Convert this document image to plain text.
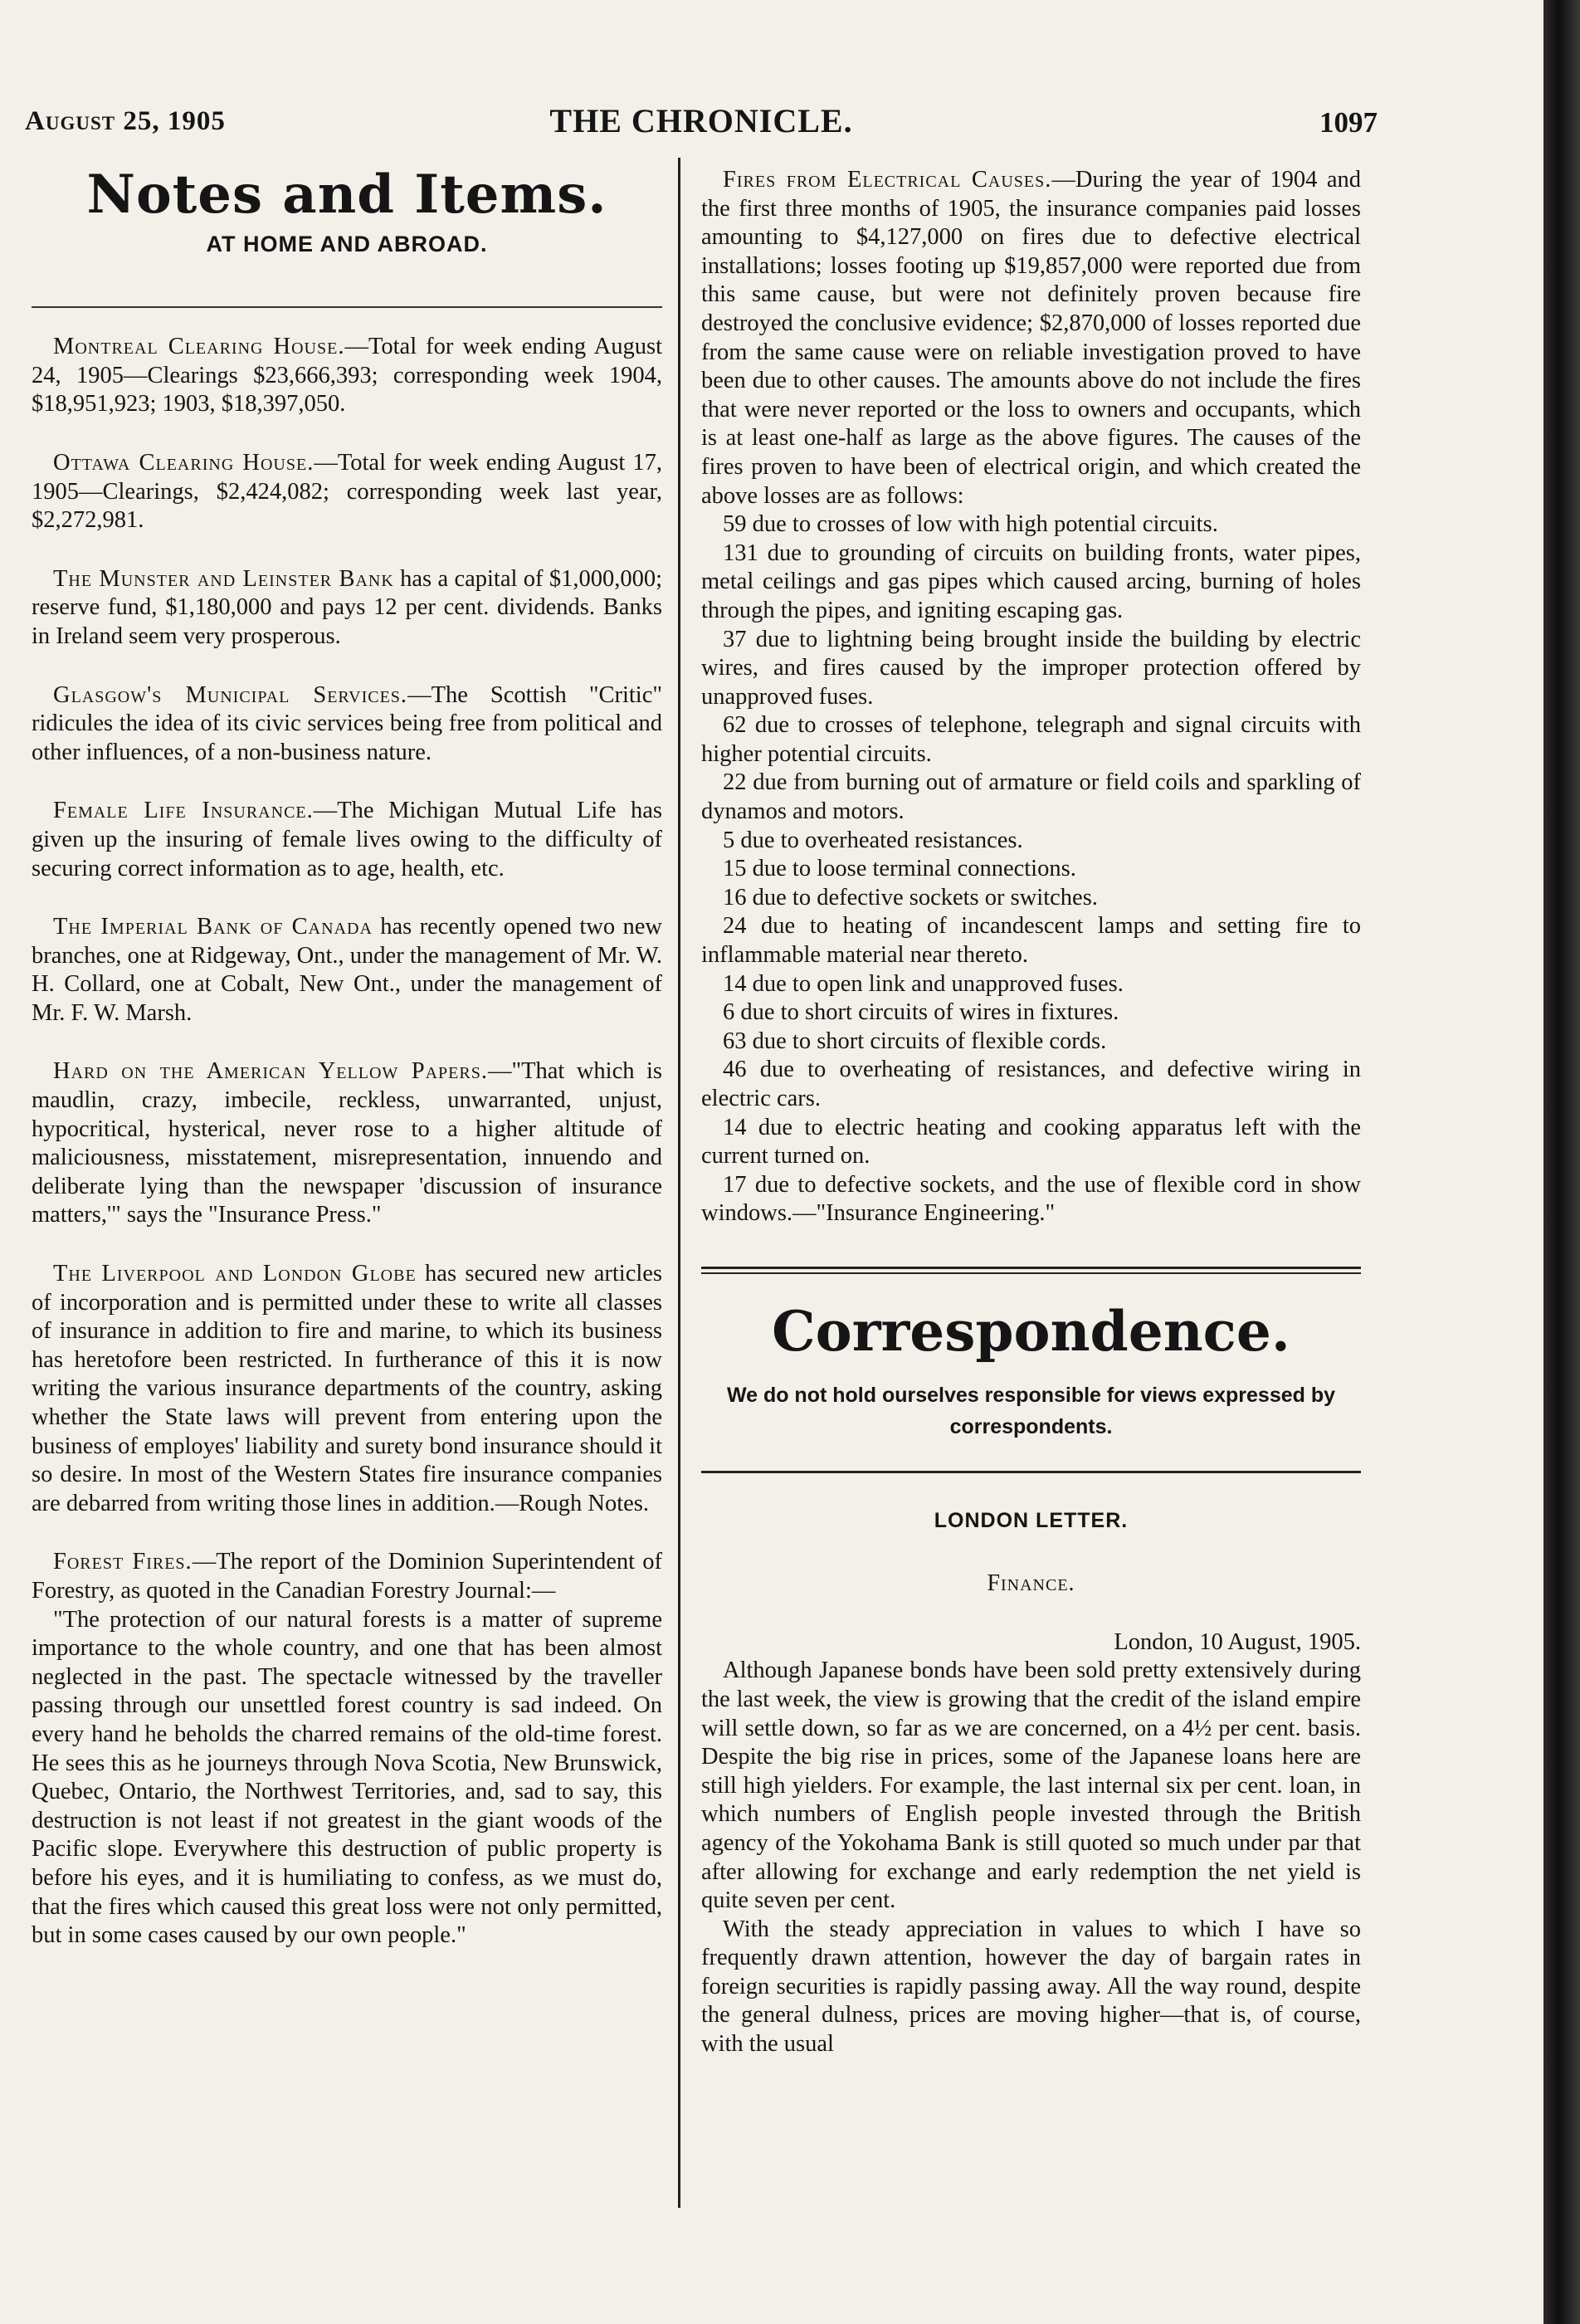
August 25, 1905	THE CHRONICLE.	1097
Notes and Items.
AT HOME AND ABROAD.

Montreal Clearing House.—Total for week ending August 24, 1905—Clearings $23,666,393; corresponding week 1904, $18,951,923; 1903, $18,397,050.

Ottawa Clearing House.—Total for week ending August 17, 1905—Clearings, $2,424,082; corresponding week last year, $2,272,981.

The Munster and Leinster Bank has a capital of $1,000,000; reserve fund, $1,180,000 and pays 12 per cent. dividends. Banks in Ireland seem very prosperous.

Glasgow's Municipal Services.—The Scottish "Critic" ridicules the idea of its civic services being free from political and other influences, of a non-business nature.

Female Life Insurance.—The Michigan Mutual Life has given up the insuring of female lives owing to the difficulty of securing correct information as to age, health, etc.

The Imperial Bank of Canada has recently opened two new branches, one at Ridgeway, Ont., under the management of Mr. W. H. Collard, one at Cobalt, New Ont., under the management of Mr. F. W. Marsh.

Hard on the American Yellow Papers.—"That which is maudlin, crazy, imbecile, reckless, unwarranted, unjust, hypocritical, hysterical, never rose to a higher altitude of maliciousness, misstatement, misrepresentation, innuendo and deliberate lying than the newspaper 'discussion of insurance matters,'" says the "Insurance Press."

The Liverpool and London Globe has secured new articles of incorporation and is permitted under these to write all classes of insurance in addition to fire and marine, to which its business has heretofore been restricted. In furtherance of this it is now writing the various insurance departments of the country, asking whether the State laws will prevent from entering upon the business of employes' liability and surety bond insurance should it so desire. In most of the Western States fire insurance companies are debarred from writing those lines in addition.—Rough Notes.

Forest Fires.—The report of the Dominion Superintendent of Forestry, as quoted in the Canadian Forestry Journal:—

"The protection of our natural forests is a matter of supreme importance to the whole country, and one that has been almost neglected in the past. The spectacle witnessed by the traveller passing through our unsettled forest country is sad indeed. On every hand he beholds the charred remains of the old-time forest. He sees this as he journeys through Nova Scotia, New Brunswick, Quebec, Ontario, the Northwest Territories, and, sad to say, this destruction is not least if not greatest in the giant woods of the Pacific slope. Everywhere this destruction of public property is before his eyes, and it is humiliating to confess, as we must do, that the fires which caused this great loss were not only permitted, but in some cases caused by our own people."

Fires from Electrical Causes.—During the year of 1904 and the first three months of 1905, the insurance companies paid losses amounting to $4,127,000 on fires due to defective electrical installations; losses footing up $19,857,000 were reported due from this same cause, but were not definitely proven because fire destroyed the conclusive evidence; $2,870,000 of losses reported due from the same cause were on reliable investigation proved to have been due to other causes. The amounts above do not include the fires that were never reported or the loss to owners and occupants, which is at least one-half as large as the above figures. The causes of the fires proven to have been of electrical origin, and which created the above losses are as follows:

59 due to crosses of low with high potential circuits.

131 due to grounding of circuits on building fronts, water pipes, metal ceilings and gas pipes which caused arcing, burning of holes through the pipes, and igniting escaping gas.

37 due to lightning being brought inside the building by electric wires, and fires caused by the improper protection offered by unapproved fuses.

62 due to crosses of telephone, telegraph and signal circuits with higher potential circuits.

22 due from burning out of armature or field coils and sparkling of dynamos and motors.

5 due to overheated resistances.

15 due to loose terminal connections.

16 due to defective sockets or switches.

24 due to heating of incandescent lamps and setting fire to inflammable material near thereto.

14 due to open link and unapproved fuses.

6 due to short circuits of wires in fixtures.

63 due to short circuits of flexible cords.

46 due to overheating of resistances, and defective wiring in electric cars.

14 due to electric heating and cooking apparatus left with the current turned on.

17 due to defective sockets, and the use of flexible cord in show windows.—"Insurance Engineering."

Correspondence.
We do not hold ourselves responsible for views expressed by correspondents.
LONDON LETTER.
Finance.

London, 10 August, 1905.

Although Japanese bonds have been sold pretty extensively during the last week, the view is growing that the credit of the island empire will settle down, so far as we are concerned, on a 4½ per cent. basis. Despite the big rise in prices, some of the Japanese loans here are still high yielders. For example, the last internal six per cent. loan, in which numbers of English people invested through the British agency of the Yokohama Bank is still quoted so much under par that after allowing for exchange and early redemption the net yield is quite seven per cent.

With the steady appreciation in values to which I have so frequently drawn attention, however the day of bargain rates in foreign securities is rapidly passing away. All the way round, despite the general dulness, prices are moving higher—that is, of course, with the usual
